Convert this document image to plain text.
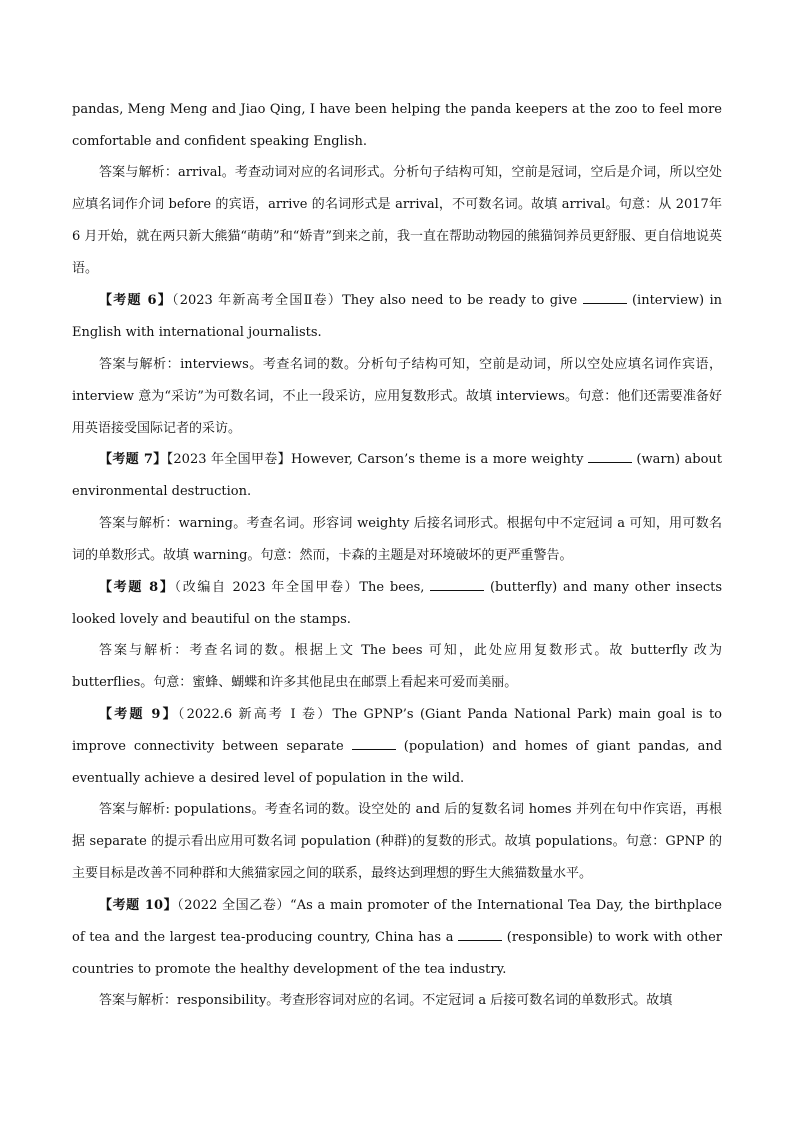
pandas, Meng Meng and Jiao Qing, I have been helping the panda keepers at the zoo to feel more comfortable and confident speaking English.
答案与解析：arrival。考查动词对应的名词形式。分析句子结构可知，空前是冠词，空后是介词，所以空处应填名词作介词 before 的宾语，arrive 的名词形式是 arrival，不可数名词。故填 arrival。句意：从 2017年 6 月开始，就在两只新大熊猫“萌萌”和“娇青”到来之前，我一直在帮助动物园的熊猫饲养员更舒服、更自信地说英语。
【考题 6】（2023 年新高考全国Ⅱ卷）They also need to be ready to give	(interview) in English with international journalists.
答案与解析：interviews。考查名词的数。分析句子结构可知，空前是动词，所以空处应填名词作宾语，interview 意为“采访”为可数名词，不止一段采访，应用复数形式。故填 interviews。句意：他们还需要准备好用英语接受国际记者的采访。
【考题 7】【2023 年全国甲卷】However, Carson’s theme is a more weighty	(warn) about environmental destruction.
答案与解析：warning。考查名词。形容词 weighty 后接名词形式。根据句中不定冠词 a 可知，用可数名词的单数形式。故填 warning。句意：然而，卡森的主题是对环境破坏的更严重警告。
【考题 8】（改编自 2023 年全国甲卷）The bees,	(butterfly) and many other insects looked lovely and beautiful on the stamps.
答案与解析：考查名词的数。根据上文 The bees 可知，此处应用复数形式。故 butterfly 改为 butterflies。句意：蜜蜂、蝴蝶和许多其他昆虫在邮票上看起来可爱而美丽。
【考题 9】（2022.6 新高考 I 卷）The GPNP’s (Giant Panda National Park) main goal is to improve connectivity between separate	(population) and homes of giant pandas, and eventually achieve a desired level of population in the wild.
答案与解析: populations。考查名词的数。设空处的 and 后的复数名词 homes 并列在句中作宾语，再根据 separate 的提示看出应用可数名词 population (种群)的复数的形式。故填 populations。句意：GPNP 的主要目标是改善不同种群和大熊猫家园之间的联系，最终达到理想的野生大熊猫数量水平。
【考题 10】（2022 全国乙卷）“As a main promoter of the International Tea Day, the birthplace of tea and the largest tea-producing country, China has a	(responsible) to work with other countries to promote the healthy development of the tea industry.
答案与解析：responsibility。考查形容词对应的名词。不定冠词 a 后接可数名词的单数形式。故填
